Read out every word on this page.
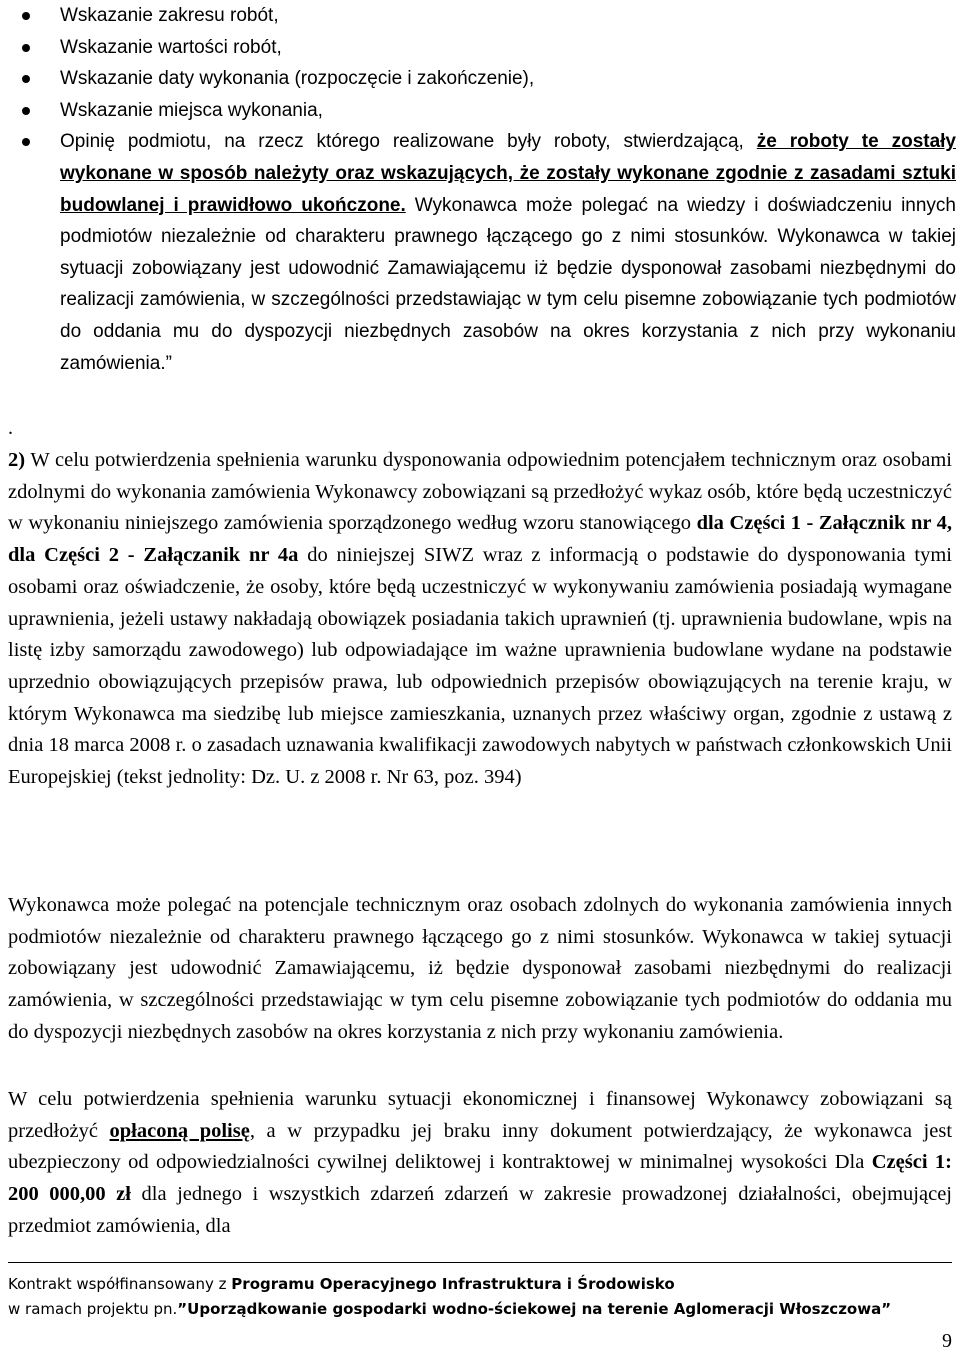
Wskazanie zakresu robót,
Wskazanie wartości robót,
Wskazanie daty wykonania (rozpoczęcie i zakończenie),
Wskazanie miejsca wykonania,
Opinię podmiotu, na rzecz którego realizowane były roboty, stwierdzającą, że roboty te zostały wykonane w sposób należyty oraz wskazujących, że zostały wykonane zgodnie z zasadami sztuki budowlanej i prawidłowo ukończone. Wykonawca może polegać na wiedzy i doświadczeniu innych podmiotów niezależnie od charakteru prawnego łączącego go z nimi stosunków. Wykonawca w takiej sytuacji zobowiązany jest udowodnić Zamawiającemu iż będzie dysponował zasobami niezbędnymi do realizacji zamówienia, w szczególności przedstawiając w tym celu pisemne zobowiązanie tych podmiotów do oddania mu do dyspozycji niezbędnych zasobów na okres korzystania z nich przy wykonaniu zamówienia.”
.

2) W celu potwierdzenia spełnienia warunku dysponowania odpowiednim potencjałem technicznym oraz osobami zdolnymi do wykonania zamówienia Wykonawcy zobowiązani są przedłożyć wykaz osób, które będą uczestniczyć w wykonaniu niniejszego zamówienia sporządzonego według wzoru stanowiącego dla Części 1 - Załącznik nr 4, dla Części 2 - Załączanik nr 4a do niniejszej SIWZ wraz z informacją o podstawie do dysponowania tymi osobami oraz oświadczenie, że osoby, które będą uczestniczyć w wykonywaniu zamówienia posiadają wymagane uprawnienia, jeżeli ustawy nakładają obowiązek posiadania takich uprawnień (tj. uprawnienia budowlane, wpis na listę izby samorządu zawodowego) lub odpowiadające im ważne uprawnienia budowlane wydane na podstawie uprzednio obowiązujących przepisów prawa, lub odpowiednich przepisów obowiązujących na terenie kraju, w którym Wykonawca ma siedzibę lub miejsce zamieszkania, uznanych przez właściwy organ, zgodnie z ustawą z dnia 18 marca 2008 r. o zasadach uznawania kwalifikacji zawodowych nabytych w państwach członkowskich Unii Europejskiej (tekst jednolity: Dz. U. z 2008 r. Nr 63, poz. 394)

Wykonawca może polegać na potencjale technicznym oraz osobach zdolnych do wykonania zamówienia innych podmiotów niezależnie od charakteru prawnego łączącego go z nimi stosunków. Wykonawca w takiej sytuacji zobowiązany jest udowodnić Zamawiającemu, iż będzie dysponował zasobami niezbędnymi do realizacji zamówienia, w szczególności przedstawiając w tym celu pisemne zobowiązanie tych podmiotów do oddania mu do dyspozycji niezbędnych zasobów na okres korzystania z nich przy wykonaniu zamówienia.

W celu potwierdzenia spełnienia warunku sytuacji ekonomicznej i finansowej Wykonawcy zobowiązani są przedłożyć opłaconą polisę, a w przypadku jej braku inny dokument potwierdzający, że wykonawca jest ubezpieczony od odpowiedzialności cywilnej deliktowej i kontraktowej w minimalnej wysokości Dla Części 1: 200 000,00 zł dla jednego i wszystkich zdarzeń zdarzeń w zakresie prowadzonej działalności, obejmującej przedmiot zamówienia, dla

Kontrakt współfinansowany z Programu Operacyjnego Infrastruktura i Środowisko
w ramach projektu pn.”Uporządkowanie gospodarki wodno-ściekowej na terenie Aglomeracji Włoszczowa”
9
